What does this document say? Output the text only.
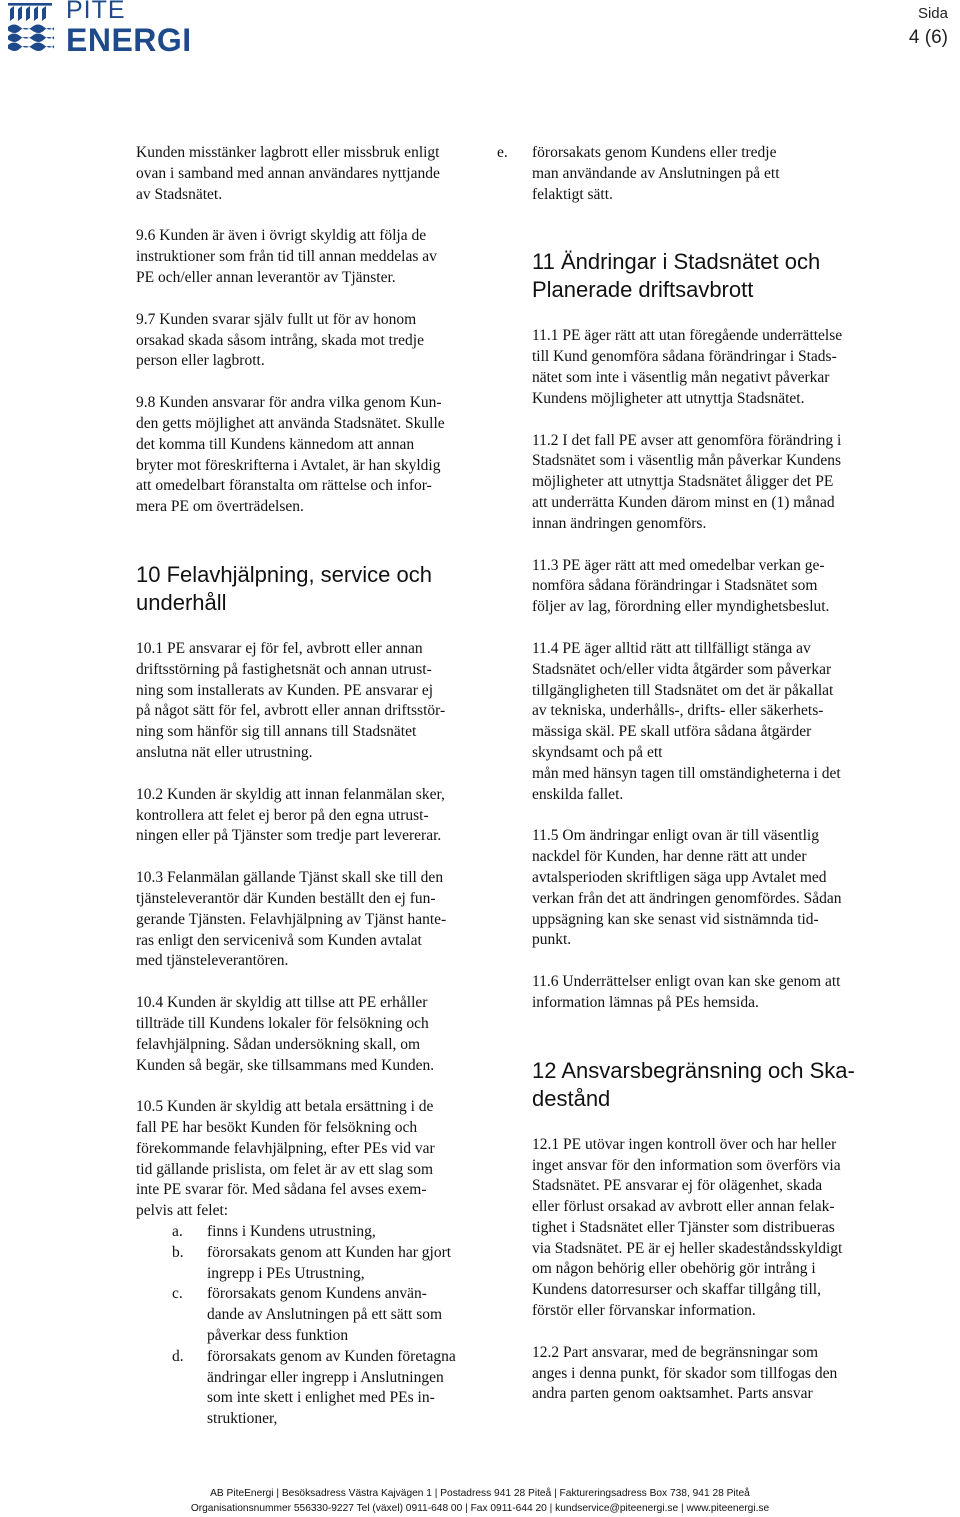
PITE
ENERGI
Sida
4 (6)

Kunden misstänker lagbrott eller missbruk enligt
ovan i samband med annan användares nyttjande
av Stadsnätet.

9.6 Kunden är även i övrigt skyldig att följa de
instruktioner som från tid till annan meddelas av
PE och/eller annan leverantör av Tjänster.

9.7 Kunden svarar själv fullt ut för av honom
orsakad skada såsom intrång, skada mot tredje
person eller lagbrott.

9.8 Kunden ansvarar för andra vilka genom Kun-
den getts möjlighet att använda Stadsnätet. Skulle
det komma till Kundens kännedom att annan
bryter mot föreskrifterna i Avtalet, är han skyldig
att omedelbart föranstalta om rättelse och infor-
mera PE om överträdelsen.

10 Felavhjälpning, service och
underhåll

10.1 PE ansvarar ej för fel, avbrott eller annan
driftsstörning på fastighetsnät och annan utrust-
ning som installerats av Kunden. PE ansvarar ej
på något sätt för fel, avbrott eller annan driftsstör-
ning som hänför sig till annans till Stadsnätet
anslutna nät eller utrustning.

10.2 Kunden är skyldig att innan felanmälan sker,
kontrollera att felet ej beror på den egna utrust-
ningen eller på Tjänster som tredje part levererar.

10.3 Felanmälan gällande Tjänst skall ske till den
tjänsteleverantör där Kunden beställt den ej fun-
gerande Tjänsten. Felavhjälpning av Tjänst hante-
ras enligt den servicenivå som Kunden avtalat
med tjänsteleverantören.

10.4 Kunden är skyldig att tillse att PE erhåller
tillträde till Kundens lokaler för felsökning och
felavhjälpning. Sådan undersökning skall, om
Kunden så begär, ske tillsammans med Kunden.

10.5 Kunden är skyldig att betala ersättning i de
fall PE har besökt Kunden för felsökning och
förekommande felavhjälpning, efter PEs vid var
tid gällande prislista, om felet är av ett slag som
inte PE svarar för. Med sådana fel avses exem-
pelvis att felet:

a. finns i Kundens utrustning,
b. förorsakats genom att Kunden har gjort
ingrepp i PEs Utrustning,
c. förorsakats genom Kundens använ-
dande av Anslutningen på ett sätt som
påverkar dess funktion
d. förorsakats genom av Kunden företagna
ändringar eller ingrepp i Anslutningen
som inte skett i enlighet med PEs in-
struktioner,
e. förorsakats genom Kundens eller tredje
man användande av Anslutningen på ett
felaktigt sätt.
11 Ändringar i Stadsnätet och
Planerade driftsavbrott

11.1 PE äger rätt att utan föregående underrättelse
till Kund genomföra sådana förändringar i Stads-
nätet som inte i väsentlig mån negativt påverkar
Kundens möjligheter att utnyttja Stadsnätet.

11.2 I det fall PE avser att genomföra förändring i
Stadsnätet som i väsentlig mån påverkar Kundens
möjligheter att utnyttja Stadsnätet åligger det PE
att underrätta Kunden därom minst en (1) månad
innan ändringen genomförs.

11.3 PE äger rätt att med omedelbar verkan ge-
nomföra sådana förändringar i Stadsnätet som
följer av lag, förordning eller myndighetsbeslut.

11.4 PE äger alltid rätt att tillfälligt stänga av
Stadsnätet och/eller vidta åtgärder som påverkar
tillgängligheten till Stadsnätet om det är påkallat
av tekniska, underhålls-, drifts- eller säkerhets-
mässiga skäl. PE skall utföra sådana åtgärder
skyndsamt och på ett
mån med hänsyn tagen till omständigheterna i det
enskilda fallet.

11.5 Om ändringar enligt ovan är till väsentlig
nackdel för Kunden, har denne rätt att under
avtalsperioden skriftligen säga upp Avtalet med
verkan från det att ändringen genomfördes. Sådan
uppsägning kan ske senast vid sistnämnda tid-
punkt.

11.6 Underrättelser enligt ovan kan ske genom att
information lämnas på PEs hemsida.

12 Ansvarsbegränsning och Ska-
destånd

12.1 PE utövar ingen kontroll över och har heller
inget ansvar för den information som överförs via
Stadsnätet. PE ansvarar ej för olägenhet, skada
eller förlust orsakad av avbrott eller annan felak-
tighet i Stadsnätet eller Tjänster som distribueras
via Stadsnätet. PE är ej heller skadeståndsskyldigt
om någon behörig eller obehörig gör intrång i
Kundens datorresurser och skaffar tillgång till,
förstör eller förvanskar information.

12.2 Part ansvarar, med de begränsningar som
anges i denna punkt, för skador som tillfogas den
andra parten genom oaktsamhet. Parts ansvar

AB PiteEnergi | Besöksadress Västra Kajvägen 1 | Postadress 941 28 Piteå | Faktureringsadress Box 738, 941 28 Piteå
Organisationsnummer 556330-9227 Tel (växel) 0911-648 00 | Fax 0911-644 20 | kundservice@piteenergi.se | www.piteenergi.se
